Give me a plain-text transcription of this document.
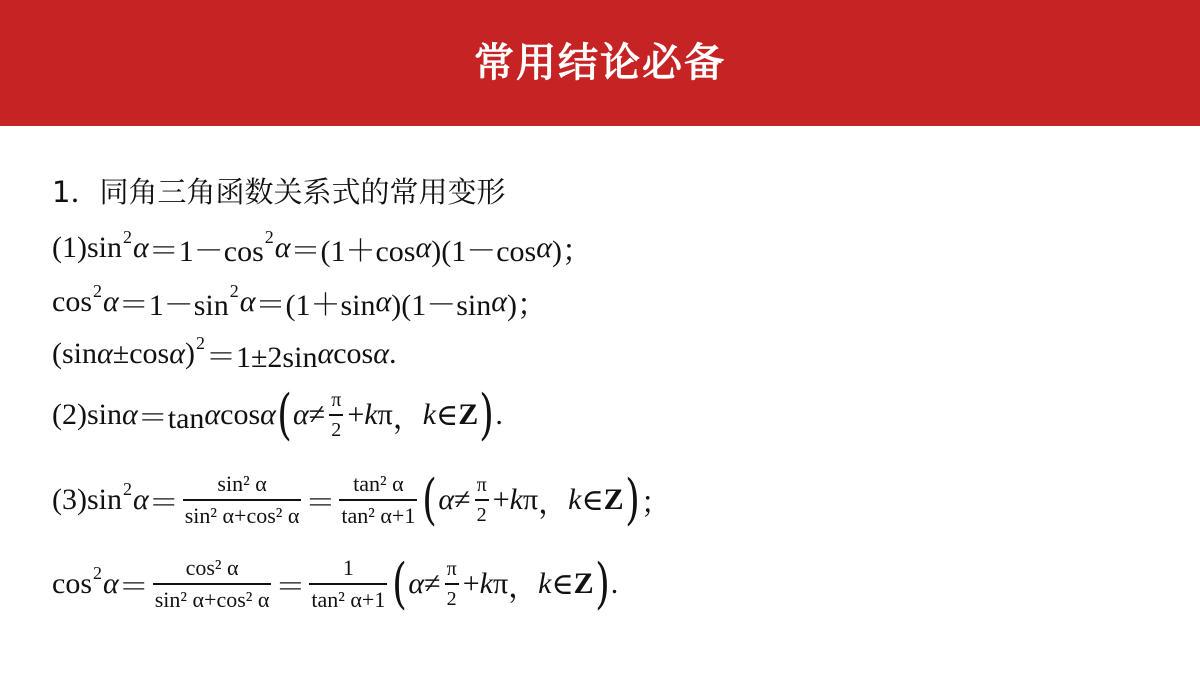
常用结论必备
1．同角三角函数关系式的常用变形
$(1)\sin^2$ $\alpha =1-\cos^2$ α ＝(1＋cos α )(1－cos α )；
$\cos^2 \alpha =1-\sin^2$ α ＝(1＋sin α )(1－sin α )；
(sin α ±cos α )$^2$ ＝1±2sin α cos α .
(2)sin α ＝tan α cos α ( $\alpha \ne \frac{\pi}{2} + k$ π ， k ∈ Z ) .
$(3)\sin^2$ $\alpha = \frac{\text{sin² α}}{\text{sin² α+cos² α}} = \frac{\text{tan² α}}{\text{tan² α+1}}$ ( $\alpha \ne \frac{\pi}{2} + k$ π ， k ∈ Z ) ；
$\cos^2 \alpha = \frac{\text{cos² α}}{\text{sin² α+cos² α}} = \frac{1}{\text{tan² α+1}}$ ( $\alpha \ne \frac{\pi}{2} + k$ π ， k ∈ Z ) .
